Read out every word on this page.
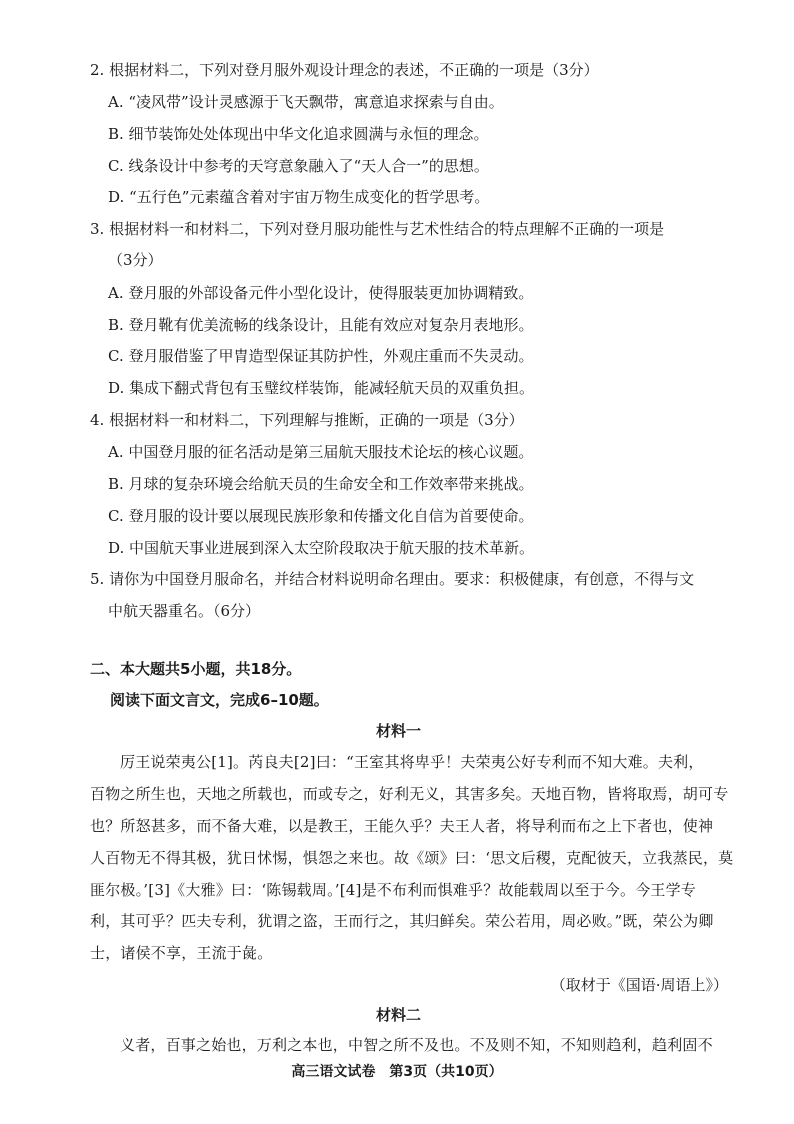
2. 根据材料二，下列对登月服外观设计理念的表述，不正确的一项是（3分）
A. “凌风带”设计灵感源于飞天飘带，寓意追求探索与自由。
B. 细节装饰处处体现出中华文化追求圆满与永恒的理念。
C. 线条设计中参考的天穹意象融入了“天人合一”的思想。
D. “五行色”元素蕴含着对宇宙万物生成变化的哲学思考。
3. 根据材料一和材料二，下列对登月服功能性与艺术性结合的特点理解不正确的一项是
（3分）
A. 登月服的外部设备元件小型化设计，使得服装更加协调精致。
B. 登月靴有优美流畅的线条设计，且能有效应对复杂月表地形。
C. 登月服借鉴了甲胄造型保证其防护性，外观庄重而不失灵动。
D. 集成下翻式背包有玉璧纹样装饰，能减轻航天员的双重负担。
4. 根据材料一和材料二，下列理解与推断，正确的一项是（3分）
A. 中国登月服的征名活动是第三届航天服技术论坛的核心议题。
B. 月球的复杂环境会给航天员的生命安全和工作效率带来挑战。
C. 登月服的设计要以展现民族形象和传播文化自信为首要使命。
D. 中国航天事业进展到深入太空阶段取决于航天服的技术革新。
5. 请你为中国登月服命名，并结合材料说明命名理由。要求：积极健康，有创意，不得与文
中航天器重名。（6分）
二、本大题共5小题，共18分。
阅读下面文言文，完成6–10题。
材料一
厉王说荣夷公[1]。芮良夫[2]曰：“王室其将卑乎！夫荣夷公好专利而不知大难。夫利，
百物之所生也，天地之所载也，而或专之，好利无义，其害多矣。天地百物，皆将取焉，胡可专
也？所怒甚多，而不备大难，以是教王，王能久乎？夫王人者，将导利而布之上下者也，使神
人百物无不得其极，犹日怵惕，惧怨之来也。故《颂》曰：‘思文后稷，克配彼天，立我蒸民，莫
匪尔极。’[3]《大雅》曰：‘陈锡载周。’[4]是不布利而惧难乎？故能载周以至于今。今王学专
利，其可乎？匹夫专利，犹谓之盗，王而行之，其归鲜矣。荣公若用，周必败。”既，荣公为卿
士，诸侯不享，王流于彘。
（取材于《国语·周语上》）
材料二
义者，百事之始也，万利之本也，中智之所不及也。不及则不知，不知则趋利，趋利固不
高三语文试卷　第3页（共10页）
